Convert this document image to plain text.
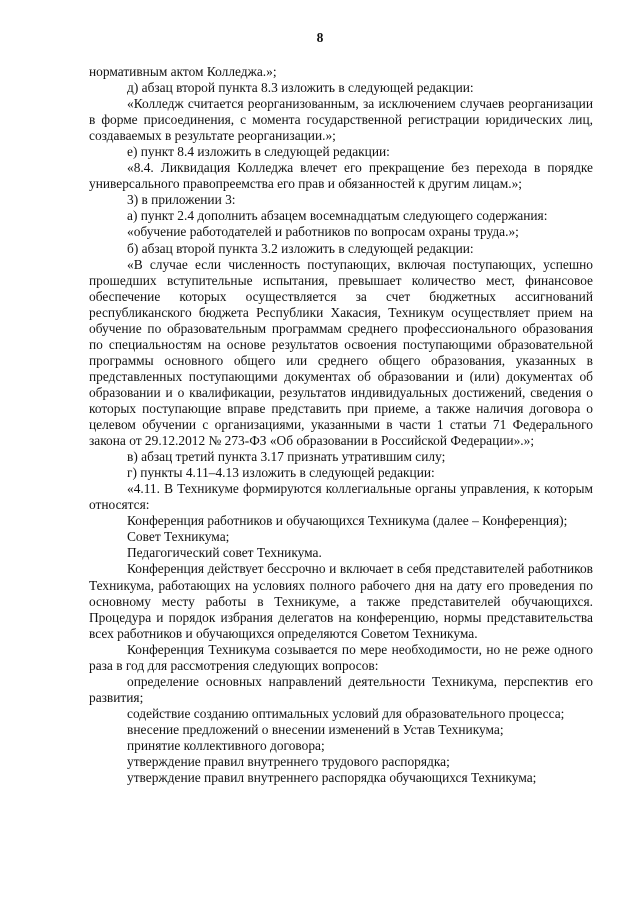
8

нормативным актом Колледжа.»;

д) абзац второй пункта 8.3 изложить в следующей редакции:

«Колледж считается реорганизованным, за исключением случаев реорганизации в форме присоединения, с момента государственной регистрации юридических лиц, создаваемых в результате реорганизации.»;

е) пункт 8.4 изложить в следующей редакции:

«8.4. Ликвидация Колледжа влечет его прекращение без перехода в порядке универсального правопреемства его прав и обязанностей к другим лицам.»;

3) в приложении 3:

а) пункт 2.4 дополнить абзацем восемнадцатым следующего содержания:

«обучение работодателей и работников по вопросам охраны труда.»;

б) абзац второй пункта 3.2 изложить в следующей редакции:

«В случае если численность поступающих, включая поступающих, успешно прошедших вступительные испытания, превышает количество мест, финансовое обеспечение которых осуществляется за счет бюджетных ассигнований республиканского бюджета Республики Хакасия, Техникум осуществляет прием на обучение по образовательным программам среднего профессионального образования по специальностям на основе результатов освоения поступающими образовательной программы основного общего или среднего общего образования, указанных в представленных поступающими документах об образовании и (или) документах об образовании и о квалификации, результатов индивидуальных достижений, сведения о которых поступающие вправе представить при приеме, а также наличия договора о целевом обучении с организациями, указанными в части 1 статьи 71 Федерального закона от 29.12.2012 № 273-ФЗ «Об образовании в Российской Федерации».»;

в) абзац третий пункта 3.17 признать утратившим силу;

г) пункты 4.11–4.13 изложить в следующей редакции:

«4.11. В Техникуме формируются коллегиальные органы управления, к которым относятся:

Конференция работников и обучающихся Техникума (далее – Конференция);

Совет Техникума;

Педагогический совет Техникума.

Конференция действует бессрочно и включает в себя представителей работников Техникума, работающих на условиях полного рабочего дня на дату его проведения по основному месту работы в Техникуме, а также представителей обучающихся. Процедура и порядок избрания делегатов на конференцию, нормы представительства всех работников и обучающихся определяются Советом Техникума.

Конференция Техникума созывается по мере необходимости, но не реже одного раза в год для рассмотрения следующих вопросов:

определение основных направлений деятельности Техникума, перспектив его развития;

содействие созданию оптимальных условий для образовательного процесса;

внесение предложений о внесении изменений в Устав Техникума;

принятие коллективного договора;

утверждение правил внутреннего трудового распорядка;

утверждение правил внутреннего распорядка обучающихся Техникума;
